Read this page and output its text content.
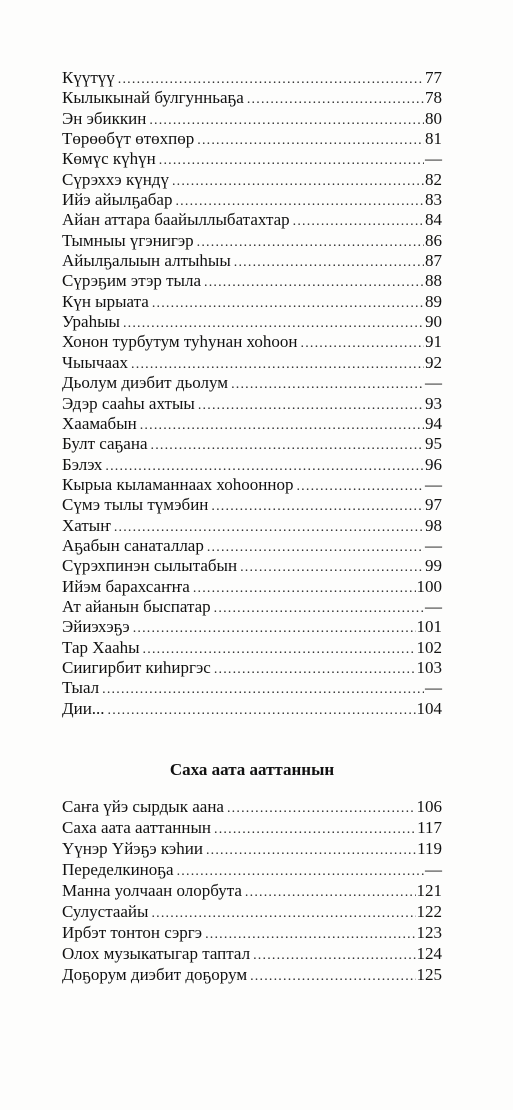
Күүтүү .....	77
Кылыкынай булгунньаҕа .....	78
Эн эбиккин .....	80
Төрөөбүт өтөхпөр .....	81
Көмүс күһүн .....	—
Сүрэхxэ күндү .....	82
Ийэ айылҕабар .....	83
Айан аттара баайыллыбатахтар .....	84
Тымныы үгэнигэр .....	86
Айылҕалыын алтыһыы .....	87
Сүрэҕим этэр тыла .....	88
Күн ырыата .....	89
Ураһыы .....	90
Хонон турбутум туһунан хоһоон .....	91
Чыычаах .....	92
Дьолум диэбит дьолум .....	—
Эдэр сааһы ахтыы .....	93
Хаамабын .....	94
Булт саҕана .....	95
Бэлэх .....	96
Кырыа кыламаннаах хоһооннор .....	—
Сүмэ тылы түмэбин .....	97
Хатыҥ .....	98
Аҕабын санаталлар .....	—
Сүрэхпинэн сылытабын .....	99
Ийэм барахсаҥҥа .....	100
Ат айанын быспатар .....	—
Эйиэхэҕэ .....	101
Тар Хааһы .....	102
Сиигирбит киһиргэс .....	103
Тыал .....	—
Дии... .....	104
Саха аата ааттаннын
Саҥа үйэ сырдык аана .....	106
Саха аата ааттаннын .....	117
Үүнэр Үйэҕэ кэһии .....	119
Переделкиноҕа .....	—
Манна уолчаан олорбута .....	121
Сулустаайы .....	122
Ирбэт тонтон сэргэ .....	123
Олох музыкатыгар таптал .....	124
Доҕорум диэбит доҕорум .....	125
